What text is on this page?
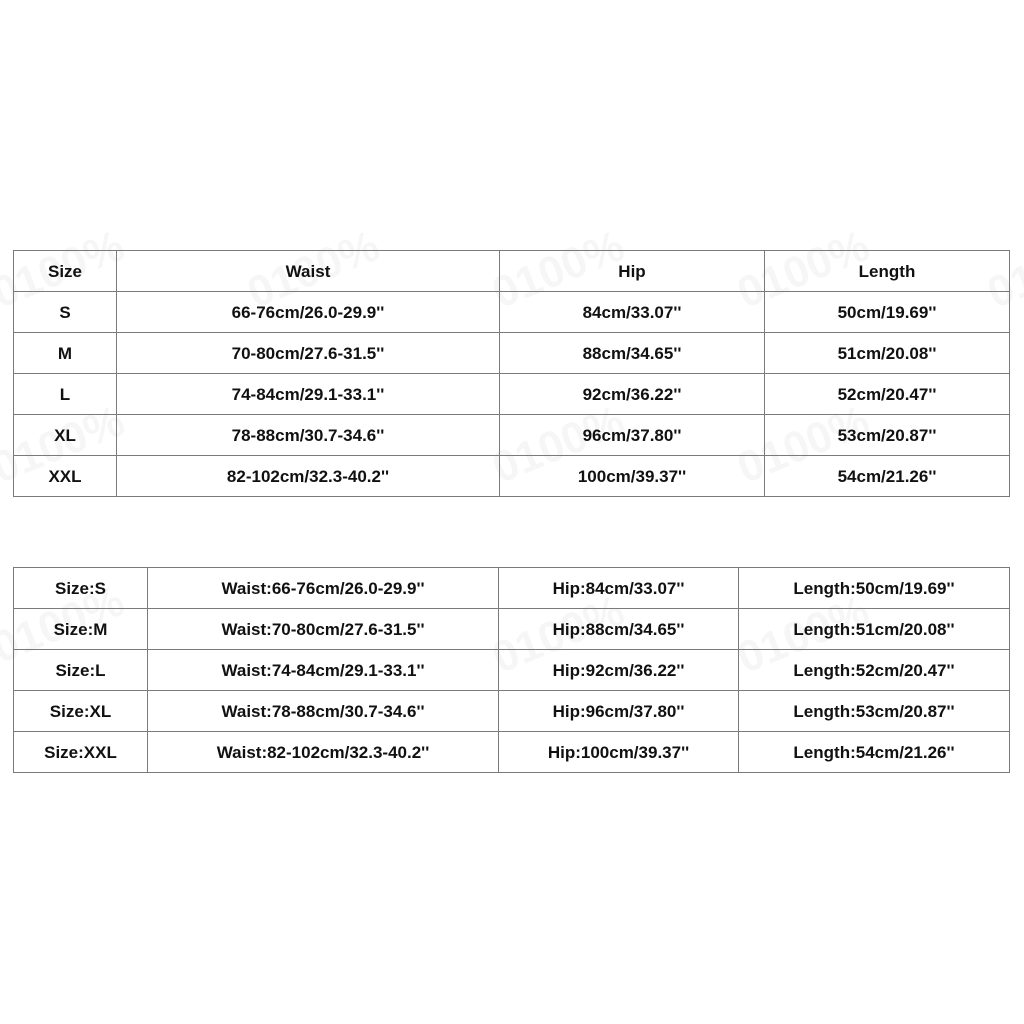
Size	Waist	Hip	Length
S	66-76cm/26.0-29.9''	84cm/33.07''	50cm/19.69''
M	70-80cm/27.6-31.5''	88cm/34.65''	51cm/20.08''
L	74-84cm/29.1-33.1''	92cm/36.22''	52cm/20.47''
XL	78-88cm/30.7-34.6''	96cm/37.80''	53cm/20.87''
XXL	82-102cm/32.3-40.2''	100cm/39.37''	54cm/21.26''
Size:S	Waist:66-76cm/26.0-29.9''	Hip:84cm/33.07''	Length:50cm/19.69''
Size:M	Waist:70-80cm/27.6-31.5''	Hip:88cm/34.65''	Length:51cm/20.08''
Size:L	Waist:74-84cm/29.1-33.1''	Hip:92cm/36.22''	Length:52cm/20.47''
Size:XL	Waist:78-88cm/30.7-34.6''	Hip:96cm/37.80''	Length:53cm/20.87''
Size:XXL	Waist:82-102cm/32.3-40.2''	Hip:100cm/39.37''	Length:54cm/21.26''
